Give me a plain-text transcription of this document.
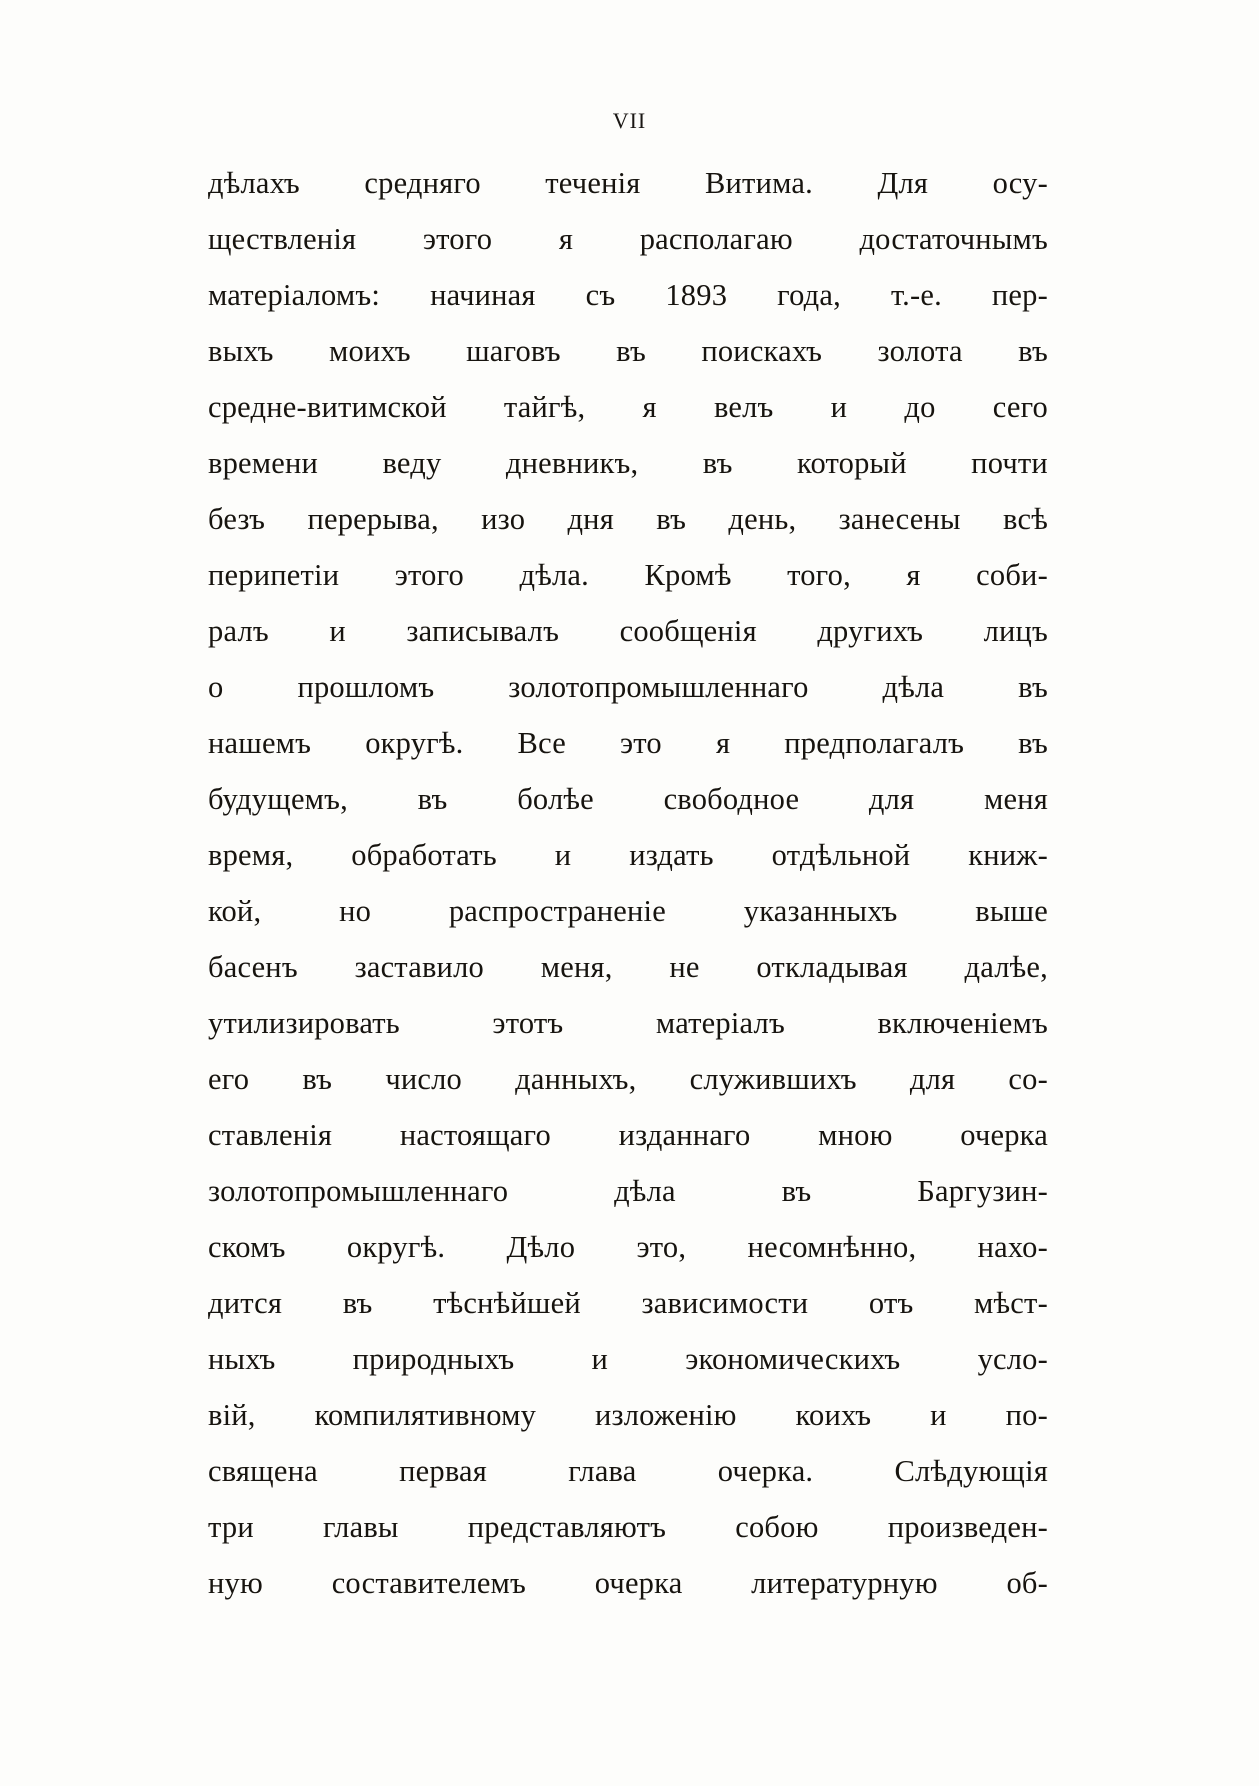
VII
дѣлахъ средняго теченія Витима. Для осу-
ществленія этого я располагаю достаточнымъ
матеріаломъ: начиная съ 1893 года, т.-е. пер-
выхъ моихъ шаговъ въ поискахъ золота въ
средне-витимской тайгѣ, я велъ и до сего
времени веду дневникъ, въ который почти
безъ перерыва, изо дня въ день, занесены всѣ
перипетіи этого дѣла. Кромѣ того, я соби-
ралъ и записывалъ сообщенія другихъ лицъ
о прошломъ золотопромышленнаго дѣла въ
нашемъ округѣ. Все это я предполагалъ въ
будущемъ, въ болѣе свободное для меня
время, обработать и издать отдѣльной книж-
кой,	но	распространеніе	указанныхъ	выше
басенъ заставило меня, не откладывая далѣе,
утилизировать	этотъ	матеріалъ	включеніемъ
его въ число данныхъ, служившихъ для со-
ставленія настоящаго изданнаго мною очерка
золотопромышленнаго	дѣла	въ	Баргузин-
скомъ округѣ. Дѣло это, несомнѣнно, нахо-
дится въ тѣснѣйшей зависимости отъ мѣст-
ныхъ	природныхъ	и	экономическихъ	усло-
вій, компилятивному изложенію коихъ и по-
священа	первая	глава	очерка.	Слѣдующія
три главы представляютъ собою произведен-
ную составителемъ очерка литературную об-
